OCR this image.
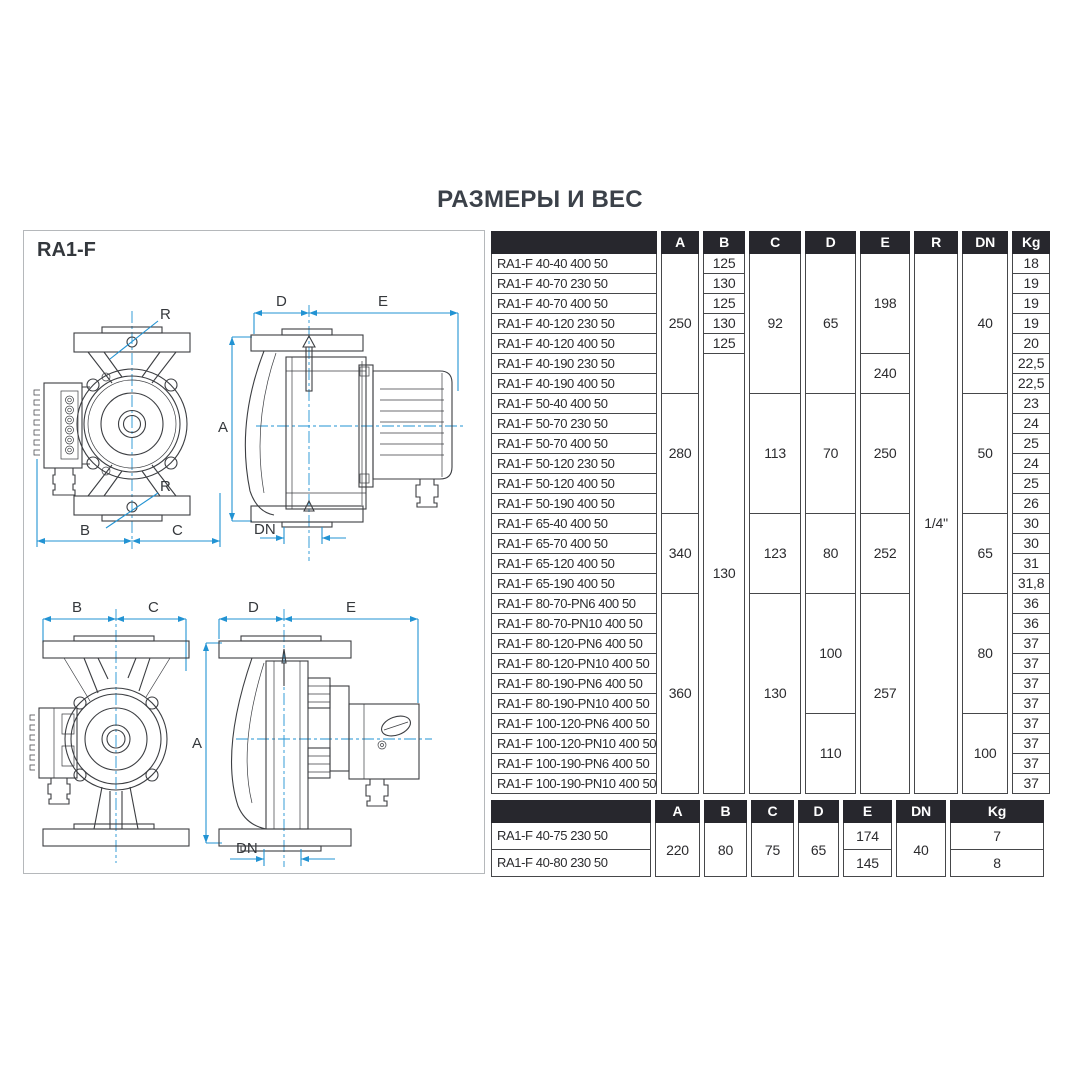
РАЗМЕРЫ И ВЕС
RA1-F
R
R
B	C
D	E
A
DN
B	C	D	E
A
DN
	A	B	C	D	E	R	DN	Kg
RA1-F 40-40 400 50	250	125	92	65	198	1/4"	40	18
RA1-F 40-70 230 50		130						19
RA1-F 40-70 400 50		125						19
RA1-F 40-120 230 50		130						19
RA1-F 40-120 400 50		125						20
RA1-F 40-190 230 50		130			240			22,5
RA1-F 40-190 400 50								22,5
RA1-F 50-40 400 50	280		113	70	250		50	23
RA1-F 50-70 230 50								24
RA1-F 50-70 400 50								25
RA1-F 50-120 230 50								24
RA1-F 50-120 400 50								25
RA1-F 50-190 400 50								26
RA1-F 65-40 400 50	340		123	80	252		65	30
RA1-F 65-70 400 50								30
RA1-F 65-120 400 50								31
RA1-F 65-190 400 50								31,8
RA1-F 80-70-PN6 400 50	360		130	100	257		80	36
RA1-F 80-70-PN10 400 50								36
RA1-F 80-120-PN6 400 50								37
RA1-F 80-120-PN10 400 50								37
RA1-F 80-190-PN6 400 50								37
RA1-F 80-190-PN10 400 50								37
RA1-F 100-120-PN6 400 50				110			100	37
RA1-F 100-120-PN10 400 50								37
RA1-F 100-190-PN6 400 50								37
RA1-F 100-190-PN10 400 50								37
	A	B	C	D	E	DN	Kg
RA1-F 40-75 230 50	220	80	75	65	174	40	7
RA1-F 40-80 230 50					145		8
